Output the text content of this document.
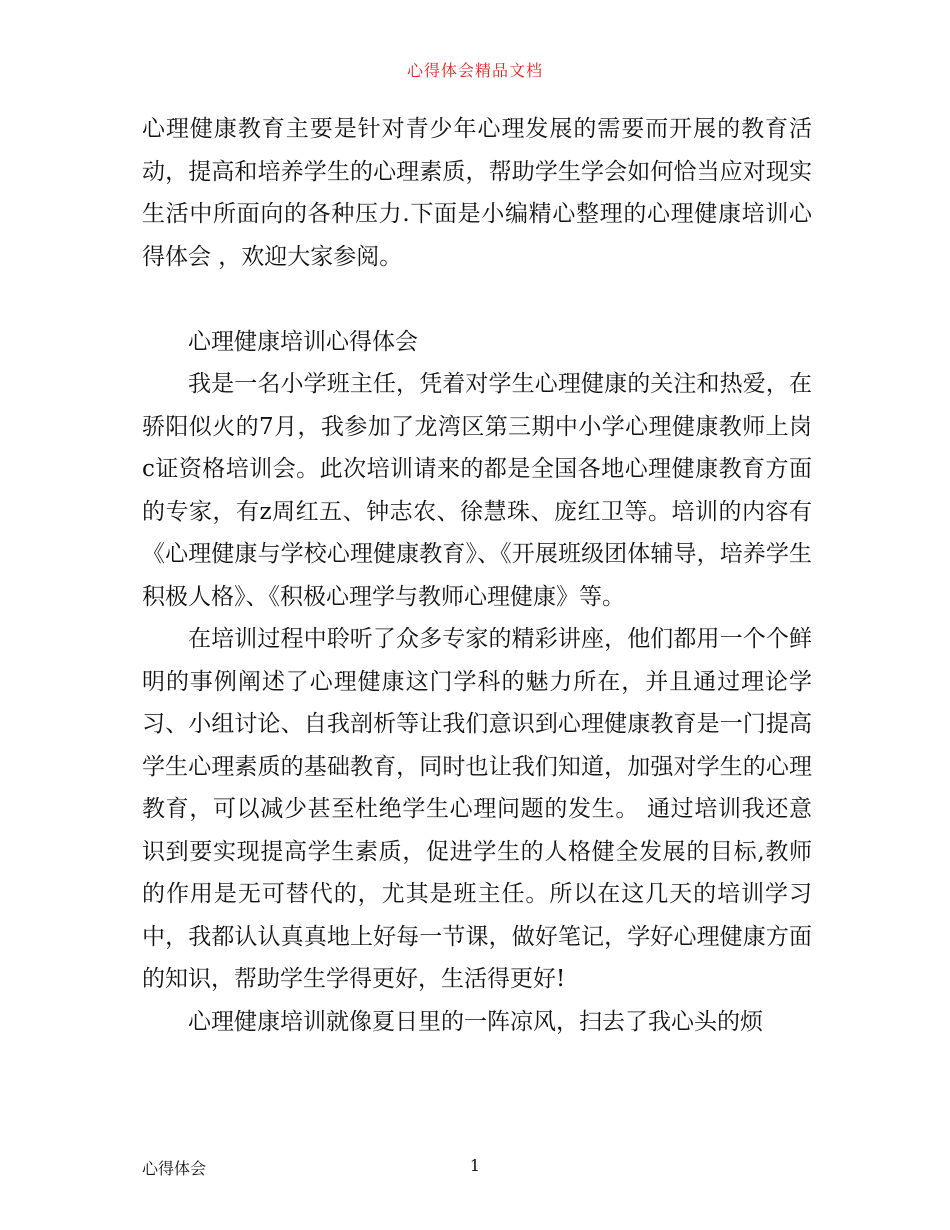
心得体会精品文档

心理健康教育主要是针对青少年心理发展的需要而开展的教育活动，提高和培养学生的心理素质，帮助学生学会如何恰当应对现实生活中所面向的各种压力.下面是小编精心整理的心理健康培训心得体会 ，欢迎大家参阅。

心理健康培训心得体会

我是一名小学班主任，凭着对学生心理健康的关注和热爱，在骄阳似火的7月，我参加了龙湾区第三期中小学心理健康教师上岗c证资格培训会。此次培训请来的都是全国各地心理健康教育方面的专家，有z周红五、钟志农、徐慧珠、庞红卫等。培训的内容有《心理健康与学校心理健康教育》、《开展班级团体辅导，培养学生积极人格》、《积极心理学与教师心理健康》等。

在培训过程中聆听了众多专家的精彩讲座，他们都用一个个鲜明的事例阐述了心理健康这门学科的魅力所在，并且通过理论学习、小组讨论、自我剖析等让我们意识到心理健康教育是一门提高学生心理素质的基础教育，同时也让我们知道，加强对学生的心理教育，可以减少甚至杜绝学生心理问题的发生。 通过培训我还意识到要实现提高学生素质，促进学生的人格健全发展的目标,教师的作用是无可替代的，尤其是班主任。所以在这几天的培训学习中，我都认认真真地上好每一节课，做好笔记，学好心理健康方面的知识，帮助学生学得更好，生活得更好!

心理健康培训就像夏日里的一阵凉风，扫去了我心头的烦

心得体会	1
